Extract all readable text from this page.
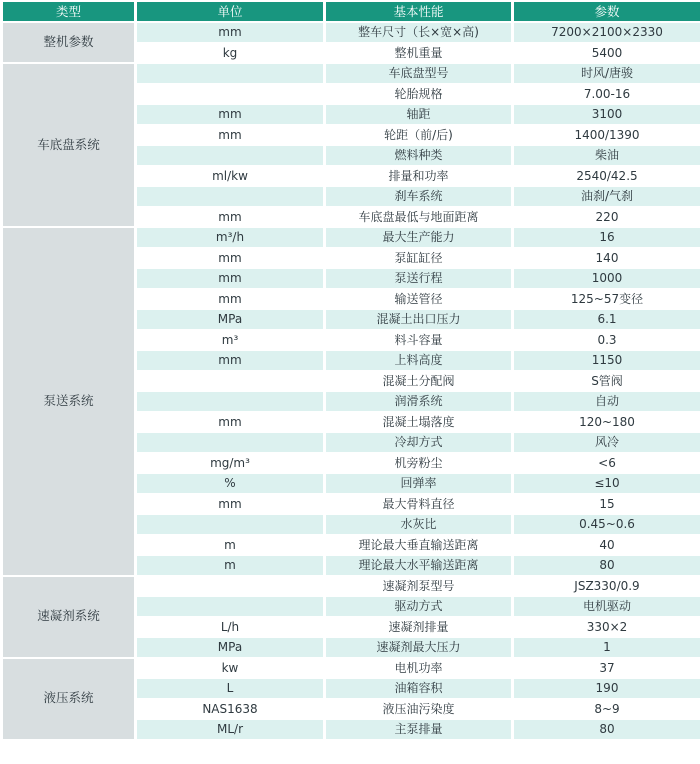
类型	单位	基本性能	参数
整机参数	mm	整车尺寸（长×宽×高)	7200×2100×2330
	kg	整机重量	5400
车底盘系统		车底盘型号	时风/唐骏
		轮胎规格	7.00-16
	mm	轴距	3100
	mm	轮距（前/后)	1400/1390
		燃料种类	柴油
	ml/kw	排量和功率	2540/42.5
		刹车系统	油刹/气刹
	mm	车底盘最低与地面距离	220
泵送系统	m³/h	最大生产能力	16
	mm	泵缸缸径	140
	mm	泵送行程	1000
	mm	输送管径	125~57变径
	MPa	混凝土出口压力	6.1
	m³	料斗容量	0.3
	mm	上料高度	1150
		混凝土分配阀	S管阀
		润滑系统	自动
	mm	混凝土塌落度	120~180
		冷却方式	风冷
	mg/m³	机旁粉尘	<6
	%	回弹率	≤10
	mm	最大骨料直径	15
		水灰比	0.45~0.6
	m	理论最大垂直输送距离	40
	m	理论最大水平输送距离	80
速凝剂系统		速凝剂泵型号	JSZ330/0.9
		驱动方式	电机驱动
	L/h	速凝剂排量	330×2
	MPa	速凝剂最大压力	1
液压系统	kw	电机功率	37
	L	油箱容积	190
	NAS1638	液压油污染度	8~9
	ML/r	主泵排量	80
